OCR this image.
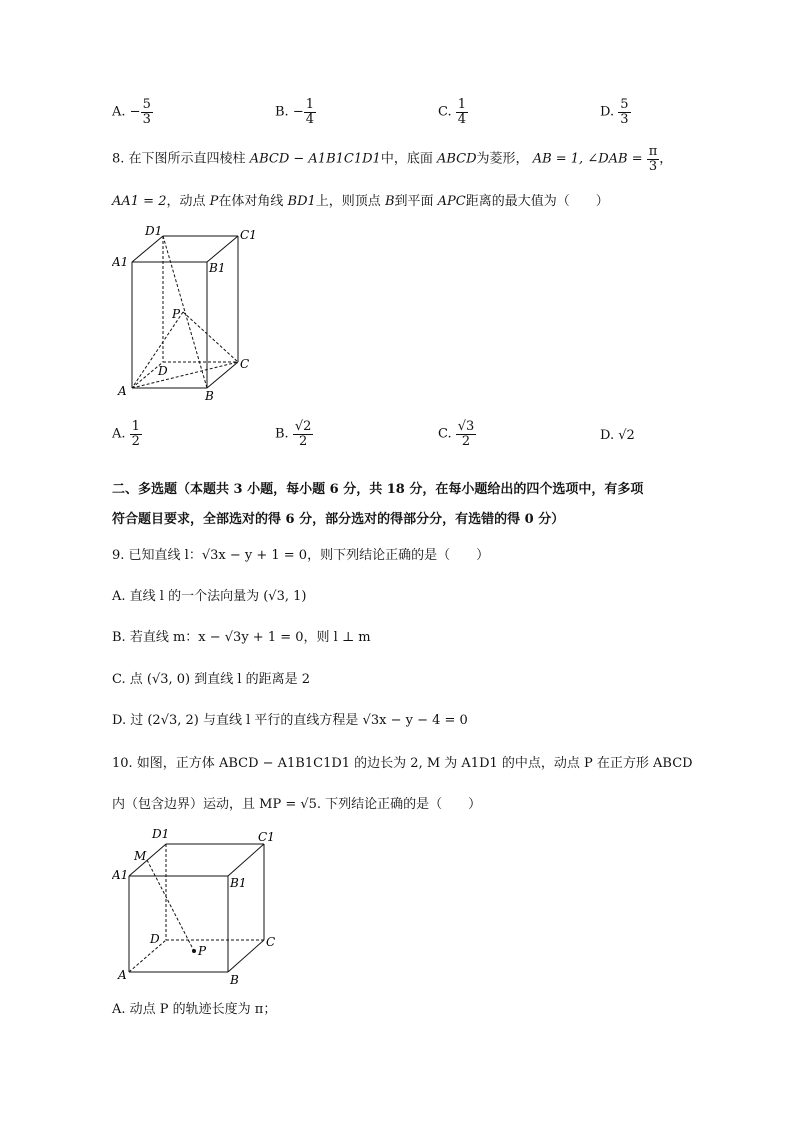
A. − $\frac{5}{3}$	B. − $\frac{1}{4}$	C. $\frac{1}{4}$	D. $\frac{5}{3}$
8. 在下图所示直四棱柱 ABCD − A1B1C1D1中，底面 ABCD为菱形， AB = 1, ∠DAB = $\frac{\pi}{3}$ ，
AA1 = 2，动点 P在体对角线 BD1上，则顶点 B到平面 APC距离的最大值为（　　）
D1	C1
A1	B1
P
D	C
A	B
A. $\frac{1}{2}$	B. $\frac{√2}{2}$	C. $\frac{√3}{2}$	D. √2
二、多选题（本题共 3 小题，每小题 6 分，共 18 分，在每小题给出的四个选项中，有多项
符合题目要求，全部选对的得 6 分，部分选对的得部分分，有选错的得 0 分）
9. 已知直线 l：√3x − y + 1 = 0，则下列结论正确的是（　　）
A. 直线 l 的一个法向量为 (√3, 1)
B. 若直线 m：x − √3y + 1 = 0，则 l ⊥ m
C. 点 (√3, 0) 到直线 l 的距离是 2
D. 过 (2√3, 2) 与直线 l 平行的直线方程是 √3x − y − 4 = 0
10. 如图，正方体 ABCD − A1B1C1D1 的边长为 2, M 为 A1D1 的中点，动点 P 在正方形 ABCD
内（包含边界）运动，且 MP = √5. 下列结论正确的是（　　）
D1	C1
M
A1
B1
D	C
P
A	B
A. 动点 P 的轨迹长度为 π；
